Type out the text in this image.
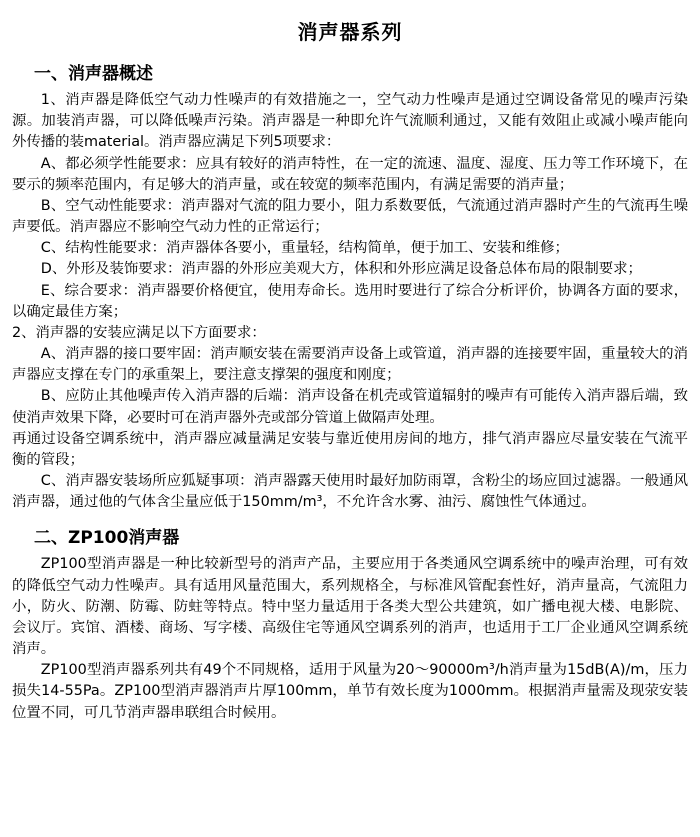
消声器系列
一、消声器概述

1、消声器是降低空气动力性噪声的有效措施之一，空气动力性噪声是通过空调设备常见的噪声污染源。加装消声器，可以降低噪声污染。消声器是一种即允许气流顺利通过，又能有效阻止或减小噪声能向外传播的装material。消声器应满足下列5项要求：

A、都必须学性能要求：应具有较好的消声特性，在一定的流速、温度、湿度、压力等工作环境下，在要示的频率范围内，有足够大的消声量，或在较宽的频率范围内，有满足需要的消声量；

B、空气动性能要求：消声器对气流的阻力要小，阻力系数要低，气流通过消声器时产生的气流再生噪声要低。消声器应不影响空气动力性的正常运行；

C、结构性能要求：消声器体各要小，重量轻，结构简单，便于加工、安装和维修；

D、外形及装饰要求：消声器的外形应美观大方，体积和外形应满足设备总体布局的限制要求；

E、综合要求：消声器要价格便宜，使用寿命长。选用时要进行了综合分析评价，协调各方面的要求，以确定最佳方案；

2、消声器的安装应满足以下方面要求：

A、消声器的接口要牢固：消声顺安装在需要消声设备上或管道，消声器的连接要牢固，重量较大的消声器应支撑在专门的承重架上，要注意支撑架的强度和刚度；

B、应防止其他噪声传入消声器的后端：消声设备在机壳或管道辐射的噪声有可能传入消声器后端，致使消声效果下降，必要时可在消声器外壳或部分管道上做隔声处理。

再通过设备空调系统中，消声器应减量满足安装与靠近使用房间的地方，排气消声器应尽量安装在气流平衡的管段；

C、消声器安装场所应狐疑事项：消声器露天使用时最好加防雨罩，含粉尘的场应回过滤器。一般通风消声器，通过他的气体含尘量应低于150mm/m³，不允许含水雾、油污、腐蚀性气体通过。

二、ZP100消声器

ZP100型消声器是一种比较新型号的消声产品，主要应用于各类通风空调系统中的噪声治理，可有效的降低空气动力性噪声。具有适用风量范围大，系列规格全，与标准风管配套性好，消声量高，气流阻力小，防火、防潮、防霉、防蛀等特点。特中坚力量适用于各类大型公共建筑，如广播电视大楼、电影院、会议厅。宾馆、酒楼、商场、写字楼、高级住宅等通风空调系列的消声，也适用于工厂企业通风空调系统消声。

ZP100型消声器系列共有49个不同规格，适用于风量为20～90000m³/h消声量为15dB(A)/m，压力损失14-55Pa。ZP100型消声器消声片厚100mm，单节有效长度为1000mm。根据消声量需及现荥安装位置不同，可几节消声器串联组合时候用。
